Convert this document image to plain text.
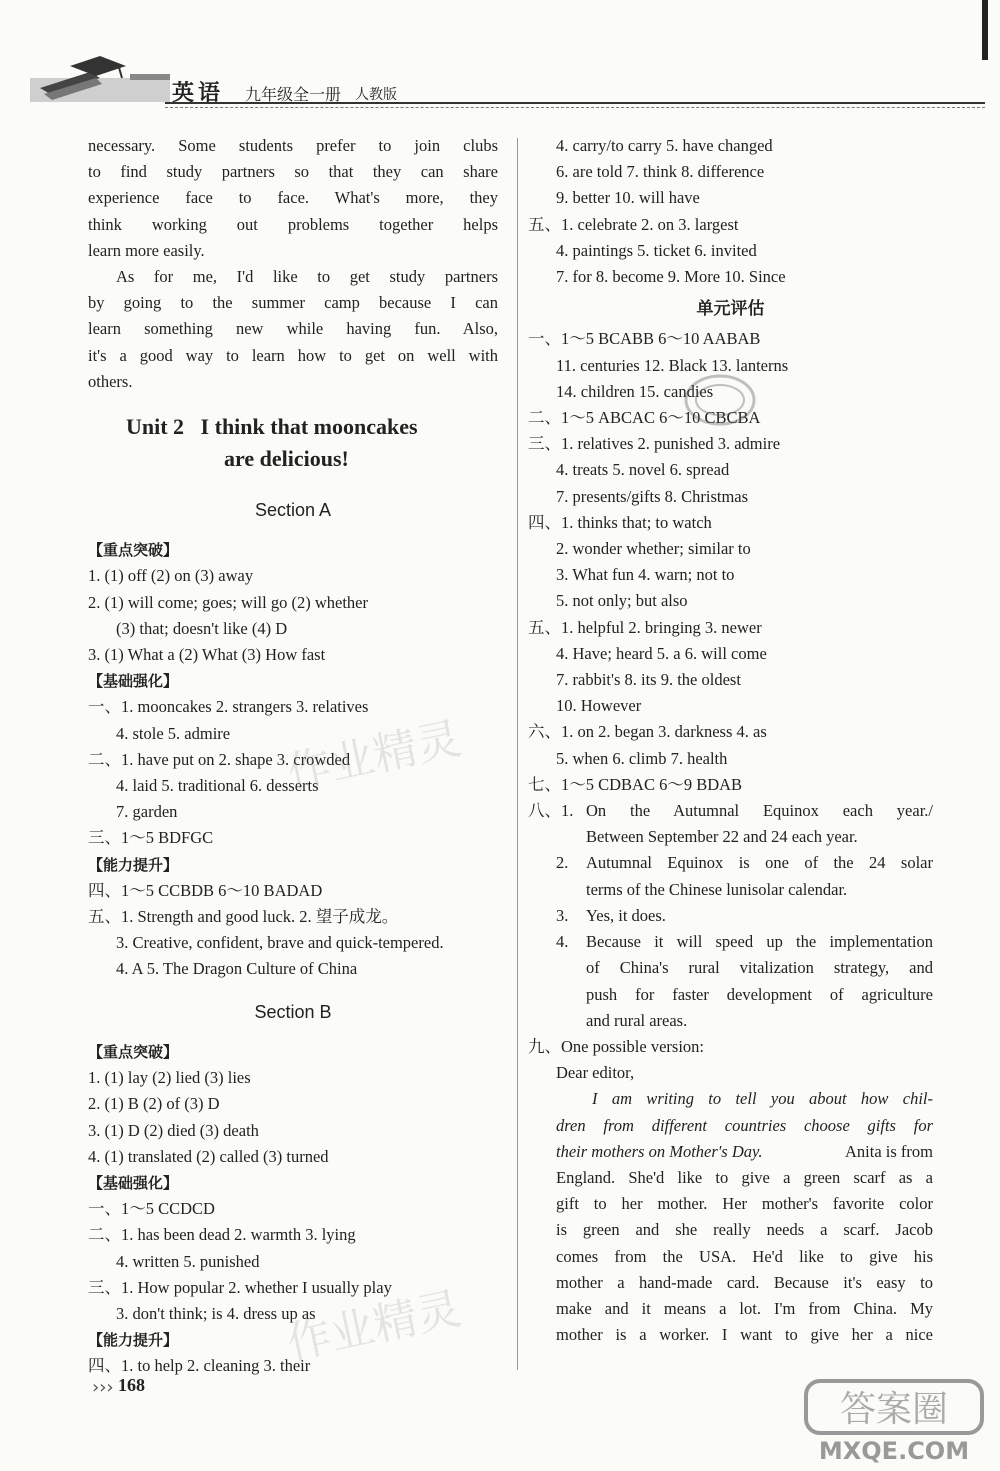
英语 九年级全一册 人教版
necessary. Some students prefer to join clubs
to find study partners so that they can share
experience face to face. What's more, they
think working out problems together helps
learn more easily.
As for me, I'd like to get study partners
by going to the summer camp because I can
learn something new while having fun. Also,
it's a good way to learn how to get on well with
others.
Unit 2   I think that mooncakes
are delicious!
Section A
【重点突破】
1. (1) off (2) on (3) away
2. (1) will come; goes; will go (2) whether
(3) that; doesn't like (4) D
3. (1) What a (2) What (3) How fast
【基础强化】
一、1. mooncakes 2. strangers 3. relatives
4. stole 5. admire
二、1. have put on 2. shape 3. crowded
4. laid 5. traditional 6. desserts
7. garden
三、1～5 BDFGC
【能力提升】
四、1～5 CCBDB 6～10 BADAD
五、1. Strength and good luck. 2. 望子成龙。
3. Creative, confident, brave and quick-tempered.
4. A 5. The Dragon Culture of China
Section B
【重点突破】
1. (1) lay (2) lied (3) lies
2. (1) B (2) of (3) D
3. (1) D (2) died (3) death
4. (1) translated (2) called (3) turned
【基础强化】
一、1～5 CCDCD
二、1. has been dead 2. warmth 3. lying
4. written 5. punished
三、1. How popular 2. whether I usually play
3. don't think; is 4. dress up as
【能力提升】
四、1. to help 2. cleaning 3. their
4. carry/to carry 5. have changed
6. are told 7. think 8. difference
9. better 10. will have
五、1. celebrate 2. on 3. largest
4. paintings 5. ticket 6. invited
7. for 8. become 9. More 10. Since
单元评估
一、1～5 BCABB 6～10 AABAB
11. centuries 12. Black 13. lanterns
14. children 15. candies
二、1～5 ABCAC 6～10 CBCBA
三、1. relatives 2. punished 3. admire
4. treats 5. novel 6. spread
7. presents/gifts 8. Christmas
四、1. thinks that; to watch
2. wonder whether; similar to
3. What fun 4. warn; not to
5. not only; but also
五、1. helpful 2. bringing 3. newer
4. Have; heard 5. a 6. will come
7. rabbit's 8. its 9. the oldest
10. However
六、1. on 2. began 3. darkness 4. as
5. when 6. climb 7. health
七、1～5 CDBAC 6～9 BDAB
八、1. On the Autumnal Equinox each year./
Between September 22 and 24 each year.
2.	Autumnal Equinox is one of the 24 solar
terms of the Chinese lunisolar calendar.
3.	Yes, it does.
4.	Because it will speed up the implementation
of China's rural vitalization strategy, and
push for faster development of agriculture
and rural areas.
九、One possible version:
Dear editor,
I am writing to tell you about how chil-
dren from different countries choose gifts for
their mothers on Mother's Day.	Anita is from
England. She'd like to give a green scarf as a
gift to her mother. Her mother's favorite color
is green and she really needs a scarf. Jacob
comes from the USA. He'd like to give his
mother a hand-made card. Because it's easy to
make and it means a lot. I'm from China. My
mother is a worker. I want to give her a nice
››› 168
作业精灵
作业精灵
答案圈
MXQE.COM
